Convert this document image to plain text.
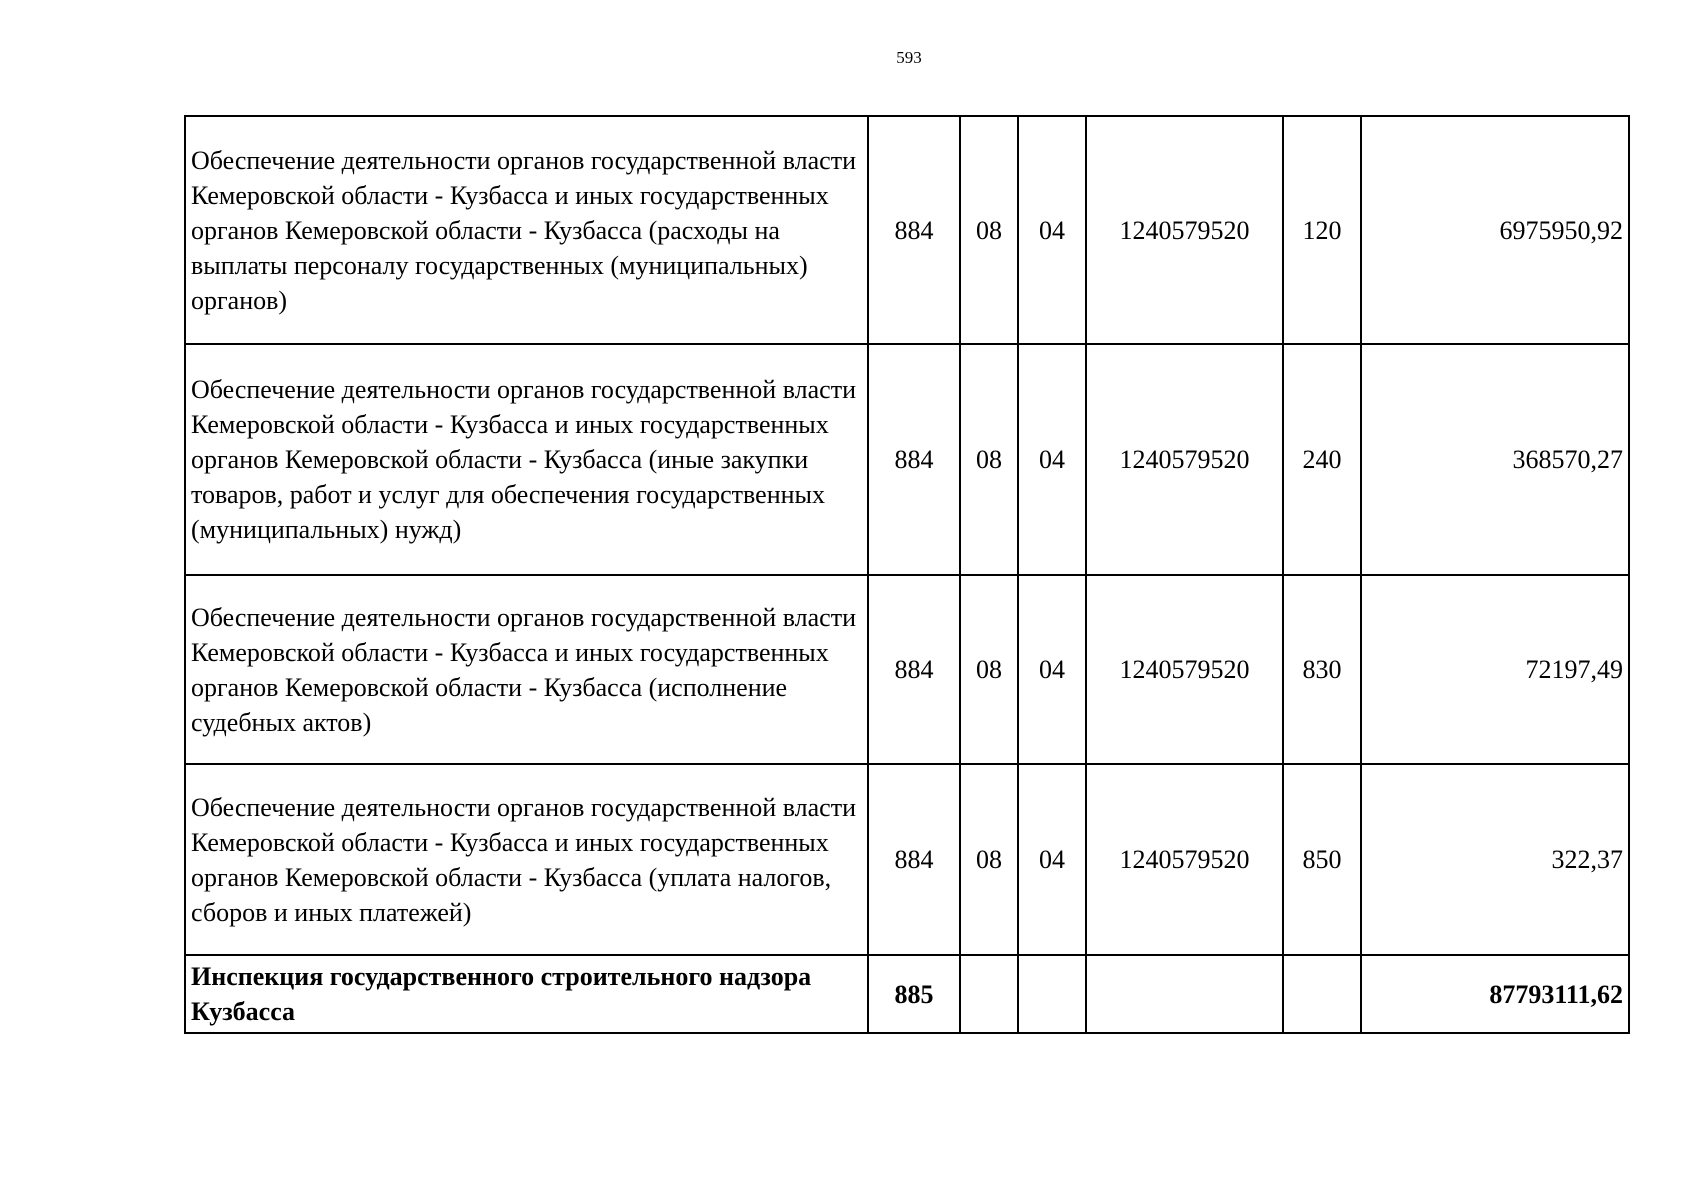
593
Обеспечение деятельности органов государственной власти Кемеровской области - Кузбасса и иных государственных органов Кемеровской области - Кузбасса (расходы на выплаты персоналу государственных (муниципальных) органов)	884	08	04	1240579520	120	6975950,92
Обеспечение деятельности органов государственной власти Кемеровской области - Кузбасса и иных государственных органов Кемеровской области - Кузбасса (иные закупки товаров, работ и услуг для обеспечения государственных (муниципальных) нужд)	884	08	04	1240579520	240	368570,27
Обеспечение деятельности органов государственной власти Кемеровской области - Кузбасса и иных государственных органов Кемеровской области - Кузбасса (исполнение судебных актов)	884	08	04	1240579520	830	72197,49
Обеспечение деятельности органов государственной власти Кемеровской области - Кузбасса и иных государственных органов Кемеровской области - Кузбасса (уплата налогов, сборов и иных платежей)	884	08	04	1240579520	850	322,37
Инспекция государственного строительного надзора Кузбасса	885					87793111,62
